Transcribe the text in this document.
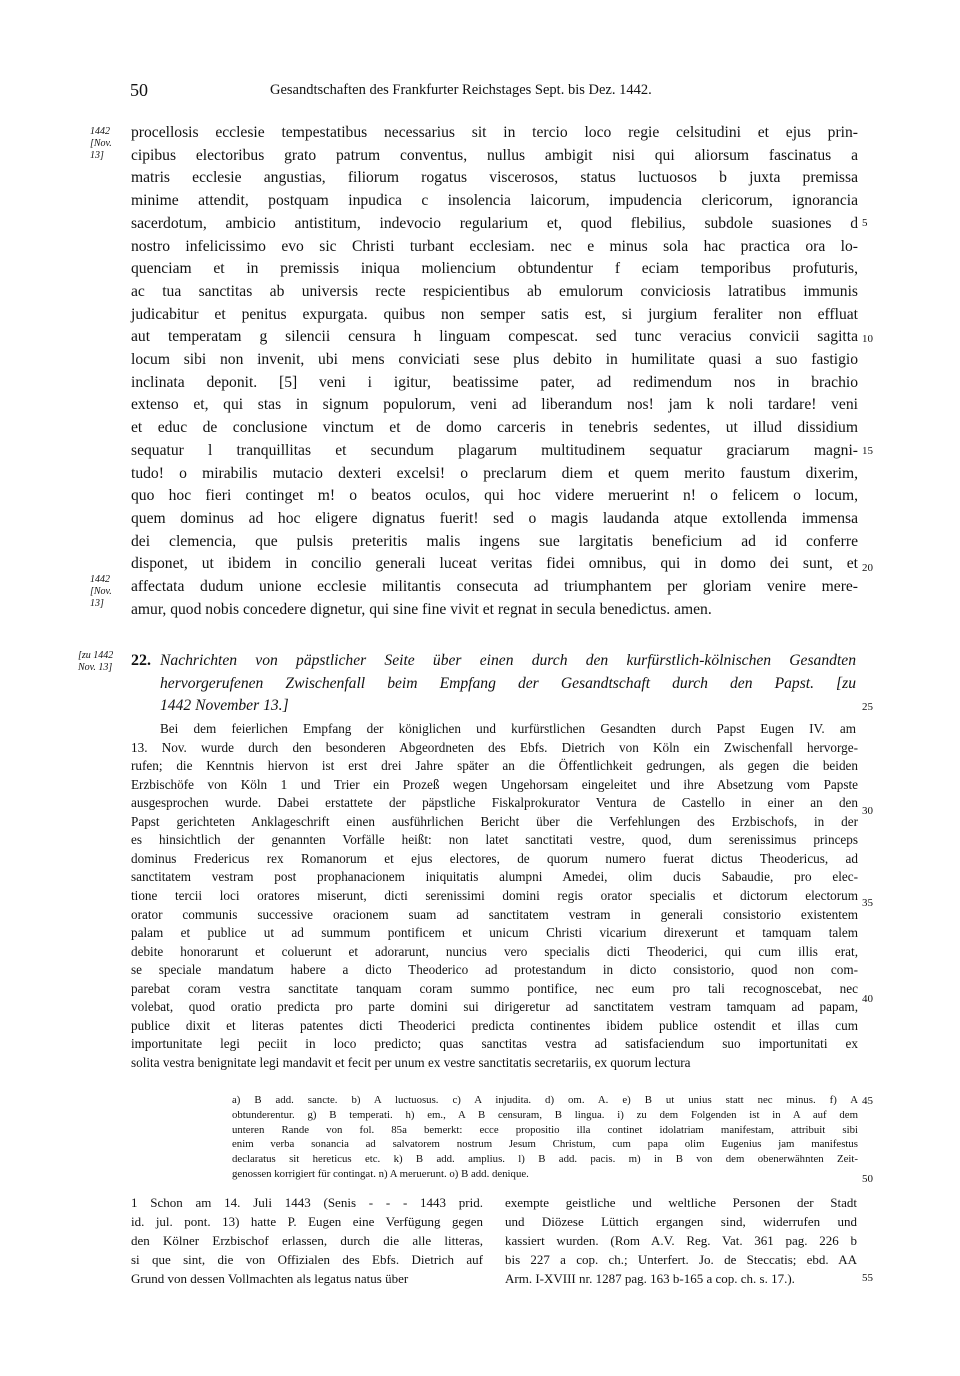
50	Gesandtschaften des Frankfurter Reichstages Sept. bis Dez. 1442.
procellosis ecclesie tempestatibus necessarius sit in tercio loco regie celsitudini et ejus prin-
cipibus electoribus grato patrum conventus, nullus ambigit nisi qui aliorsum fascinatus a
matris ecclesie angustias, filiorum rogatus viscerosos, status luctuosos b juxta premissa
minime attendit, postquam inpudica c insolencia laicorum, impudencia clericorum, ignorancia
sacerdotum, ambicio antistitum, indevocio regularium et, quod flebilius, subdole suasiones d
nostro infelicissimo evo sic Christi turbant ecclesiam. nec e minus sola hac practica ora lo-
quenciam et in premissis iniqua moliencium obtundentur f eciam temporibus profuturis,
ac tua sanctitas ab universis recte respicientibus ab emulorum conviciosis latratibus immunis
judicabitur et penitus expurgata. quibus non semper satis est, si jurgium feraliter non effluat
aut temperatam g silencii censura h linguam compescat. sed tunc veracius convicii sagitta
locum sibi non invenit, ubi mens conviciati sese plus debito in humilitate quasi a suo fastigio
inclinata deponit. [5] veni i igitur, beatissime pater, ad redimendum nos in brachio
extenso et, qui stas in signum populorum, veni ad liberandum nos! jam k noli tardare! veni
et educ de conclusione vinctum et de domo carceris in tenebris sedentes, ut illud dissidium
sequatur l tranquillitas et secundum plagarum multitudinem sequatur graciarum magni-
tudo! o mirabilis mutacio dexteri excelsi! o preclarum diem et quem merito faustum dixerim,
quo hoc fieri continget m! o beatos oculos, qui hoc videre meruerint n! o felicem o locum,
quem dominus ad hoc eligere dignatus fuerit! sed o magis laudanda atque extollenda immensa
dei clemencia, que pulsis preteritis malis ingens sue largitatis beneficium ad id conferre
disponet, ut ibidem in concilio generali luceat veritas fidei omnibus, qui in domo dei sunt, et
affectata dudum unione ecclesie militantis consecuta ad triumphantem per gloriam venire mere-
amur, quod nobis concedere dignetur, qui sine fine vivit et regnat in secula benedictus. amen.
1442 [Nov. 13]
1442 [Nov. 13]
[zu 1442 Nov. 13]	22. Nachrichten von päpstlicher Seite über einen durch den kurfürstlich-kölnischen Gesandten
hervorgerufenen Zwischenfall beim Empfang der Gesandtschaft durch den Papst. [zu
1442 November 13.]
Bei dem feierlichen Empfang der königlichen und kurfürstlichen Gesandten durch Papst Eugen IV. am
13. Nov. wurde durch den besonderen Abgeordneten des Ebfs. Dietrich von Köln ein Zwischenfall hervorge-
rufen; die Kenntnis hiervon ist erst drei Jahre später an die Öffentlichkeit gedrungen, als gegen die beiden
Erzbischöfe von Köln 1 und Trier ein Prozeß wegen Ungehorsam eingeleitet und ihre Absetzung vom Papste
ausgesprochen wurde. Dabei erstattete der päpstliche Fiskalprokurator Ventura de Castello in einer an den
Papst gerichteten Anklageschrift einen ausführlichen Bericht über die Verfehlungen des Erzbischofs, in der
es hinsichtlich der genannten Vorfälle heißt: non latet sanctitati vestre, quod, dum serenissimus princeps
dominus Fredericus rex Romanorum et ejus electores, de quorum numero fuerat dictus Theodericus, ad
sanctitatem vestram post prophanacionem iniquitatis alumpni Amedei, olim ducis Sabaudie, pro elec-
tione tercii loci oratores miserunt, dicti serenissimi domini regis orator specialis et dictorum electorum
orator communis successive oracionem suam ad sanctitatem vestram in generali consistorio existentem
palam et publice ut ad summum pontificem et unicum Christi vicarium direxerunt et tamquam talem
debite honorarunt et coluerunt et adorarunt, nuncius vero specialis dicti Theoderici, qui cum illis erat,
se speciale mandatum habere a dicto Theoderico ad protestandum in dicto consistorio, quod non com-
parebat coram vestra sanctitate tanquam coram summo pontifice, nec eum pro tali recognoscebat, nec
volebat, quod oratio predicta pro parte domini sui dirigeretur ad sanctitatem vestram tamquam ad papam,
publice dixit et literas patentes dicti Theoderici predicta continentes ibidem publice ostendit et illas cum
importunitate legi peciit in loco predicto; quas sanctitas vestra ad satisfaciendum suo importunitati ex
solita vestra benignitate legi mandavit et fecit per unum ex vestre sanctitatis secretariis, ex quorum lectura
a) B add. sancte. b) A luctuosus. c) A injudita. d) om. A. e) B ut unius statt nec minus. f) A
obtunderentur. g) B temperati. h) em., A B censuram, B lingua. i) zu dem Folgenden ist in A auf dem
unteren Rande von fol. 85a bemerkt: ecce propositio illa continet idolatriam manifestam, attribuit sibi
enim verba sonancia ad salvatorem nostrum Jesum Christum, cum papa olim Eugenius jam manifestus
declaratus sit hereticus etc. k) B add. amplius. l) B add. pacis. m) in B von dem obenerwähnten Zeit-
genossen korrigiert für contingat. n) A meruerunt. o) B add. denique.
1 Schon am 14. Juli 1443 (Senis - - - 1443 prid.
id. jul. pont. 13) hatte P. Eugen eine Verfügung gegen
den Kölner Erzbischof erlassen, durch die alle litteras,
si que sint, die von Offizialen des Ebfs. Dietrich auf
Grund von dessen Vollmachten als legatus natus über
exempte geistliche und weltliche Personen der Stadt
und Diözese Lüttich ergangen sind, widerrufen und
kassiert wurden. (Rom A.V. Reg. Vat. 361 pag. 226 b
bis 227 a cop. ch.; Unterfert. Jo. de Steccatis; ebd. AA
Arm. I-XVIII nr. 1287 pag. 163 b-165 a cop. ch. s. 17.).
5
10
15
20
25
30
35
40
45
50
55
